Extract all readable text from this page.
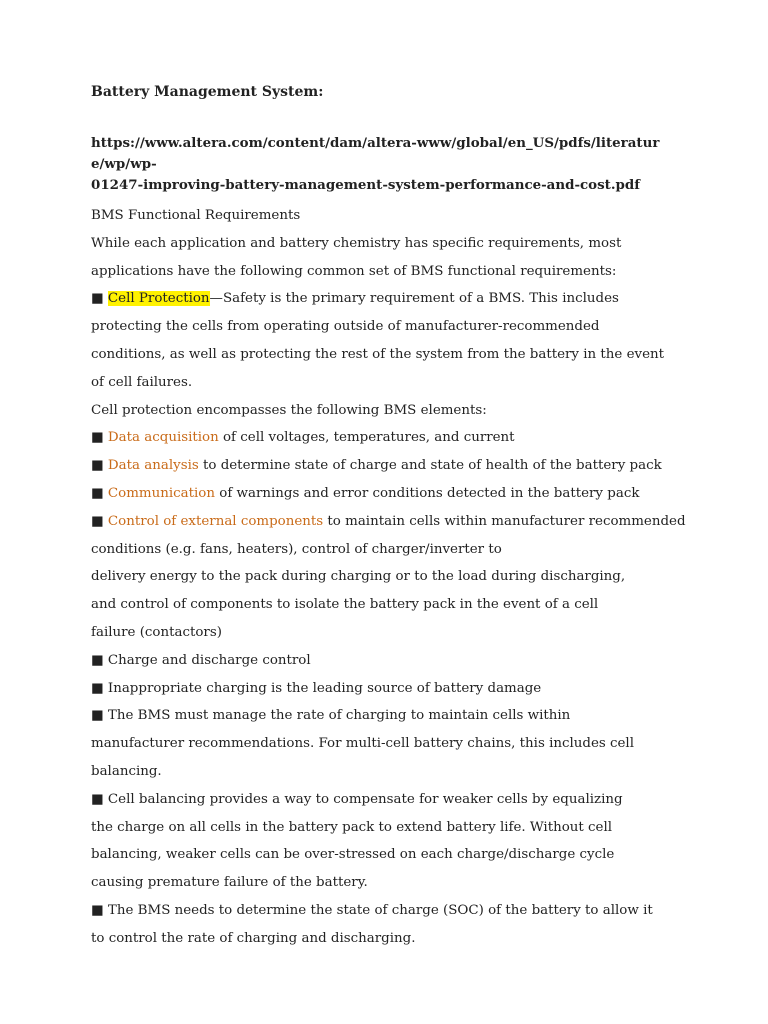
Battery Management System:
https://www.altera.com/content/dam/altera-www/global/en_US/pdfs/literature/wp/wp-
01247-improving-battery-management-system-performance-and-cost.pdf

BMS Functional Requirements

While each application and battery chemistry has specific requirements, most

applications have the following common set of BMS functional requirements:

■ Cell Protection—Safety is the primary requirement of a BMS. This includes

protecting the cells from operating outside of manufacturer-recommended

conditions, as well as protecting the rest of the system from the battery in the event

of cell failures.

Cell protection encompasses the following BMS elements:

■ Data acquisition of cell voltages, temperatures, and current

■ Data analysis to determine state of charge and state of health of the battery pack

■ Communication of warnings and error conditions detected in the battery pack

■ Control of external components to maintain cells within manufacturer recommended

conditions (e.g. fans, heaters), control of charger/inverter to

delivery energy to the pack during charging or to the load during discharging,

and control of components to isolate the battery pack in the event of a cell

failure (contactors)

■ Charge and discharge control

■ Inappropriate charging is the leading source of battery damage

■ The BMS must manage the rate of charging to maintain cells within

manufacturer recommendations. For multi-cell battery chains, this includes cell

balancing.

■ Cell balancing provides a way to compensate for weaker cells by equalizing

the charge on all cells in the battery pack to extend battery life. Without cell

balancing, weaker cells can be over-stressed on each charge/discharge cycle

causing premature failure of the battery.

■ The BMS needs to determine the state of charge (SOC) of the battery to allow it

to control the rate of charging and discharging.
